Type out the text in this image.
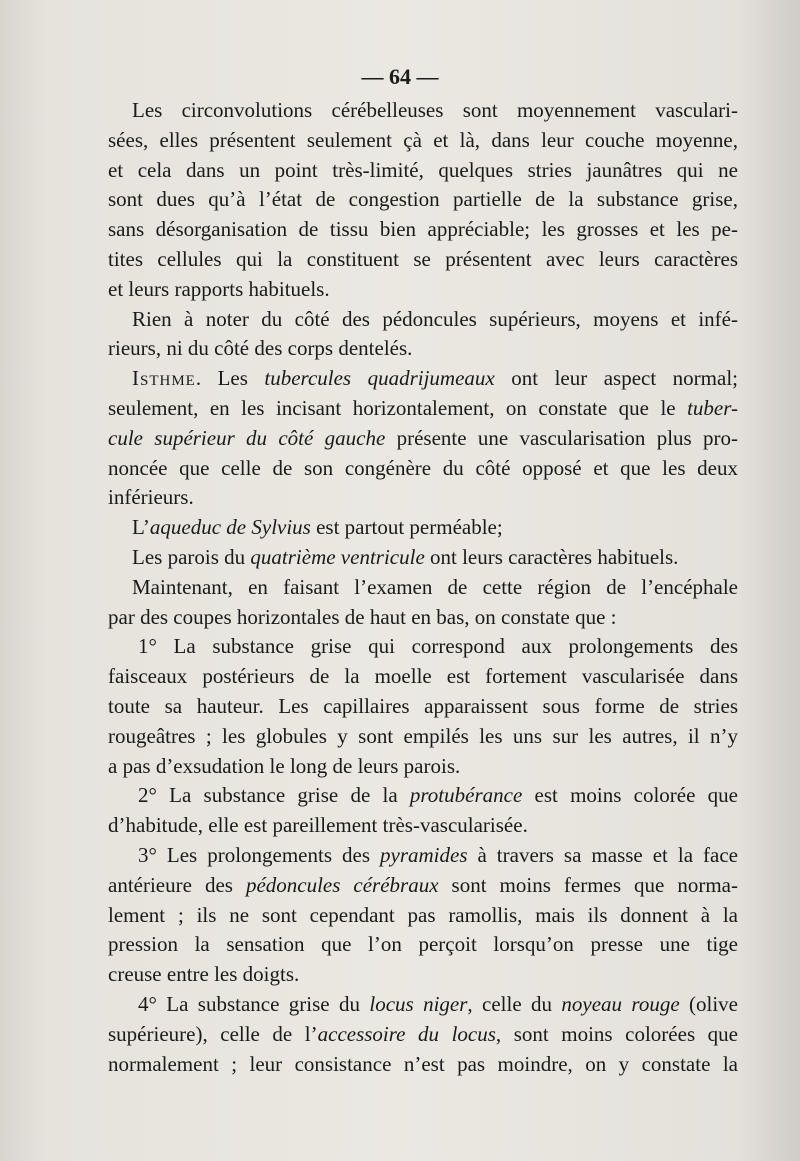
— 64 —
Les circonvolutions cérébelleuses sont moyennement vasculari-
sées, elles présentent seulement çà et là, dans leur couche moyenne,
et cela dans un point très-limité, quelques stries jaunâtres qui ne
sont dues qu’à l’état de congestion partielle de la substance grise,
sans désorganisation de tissu bien appréciable; les grosses et les pe-
tites cellules qui la constituent se présentent avec leurs caractères
et leurs rapports habituels.
Rien à noter du côté des pédoncules supérieurs, moyens et infé-
rieurs, ni du côté des corps dentelés.
Isthme. Les tubercules quadrijumeaux ont leur aspect normal;
seulement, en les incisant horizontalement, on constate que le tuber-
cule supérieur du côté gauche présente une vascularisation plus pro-
noncée que celle de son congénère du côté opposé et que les deux
inférieurs.
L’aqueduc de Sylvius est partout perméable;
Les parois du quatrième ventricule ont leurs caractères habituels.
Maintenant, en faisant l’examen de cette région de l’encéphale
par des coupes horizontales de haut en bas, on constate que :
1° La substance grise qui correspond aux prolongements des
faisceaux postérieurs de la moelle est fortement vascularisée dans
toute sa hauteur. Les capillaires apparaissent sous forme de stries
rougeâtres ; les globules y sont empilés les uns sur les autres, il n’y
a pas d’exsudation le long de leurs parois.
2° La substance grise de la protubérance est moins colorée que
d’habitude, elle est pareillement très-vascularisée.
3° Les prolongements des pyramides à travers sa masse et la face
antérieure des pédoncules cérébraux sont moins fermes que norma-
lement ; ils ne sont cependant pas ramollis, mais ils donnent à la
pression la sensation que l’on perçoit lorsqu’on presse une tige
creuse entre les doigts.
4° La substance grise du locus niger, celle du noyeau rouge (olive
supérieure), celle de l’accessoire du locus, sont moins colorées que
normalement ; leur consistance n’est pas moindre, on y constate la
